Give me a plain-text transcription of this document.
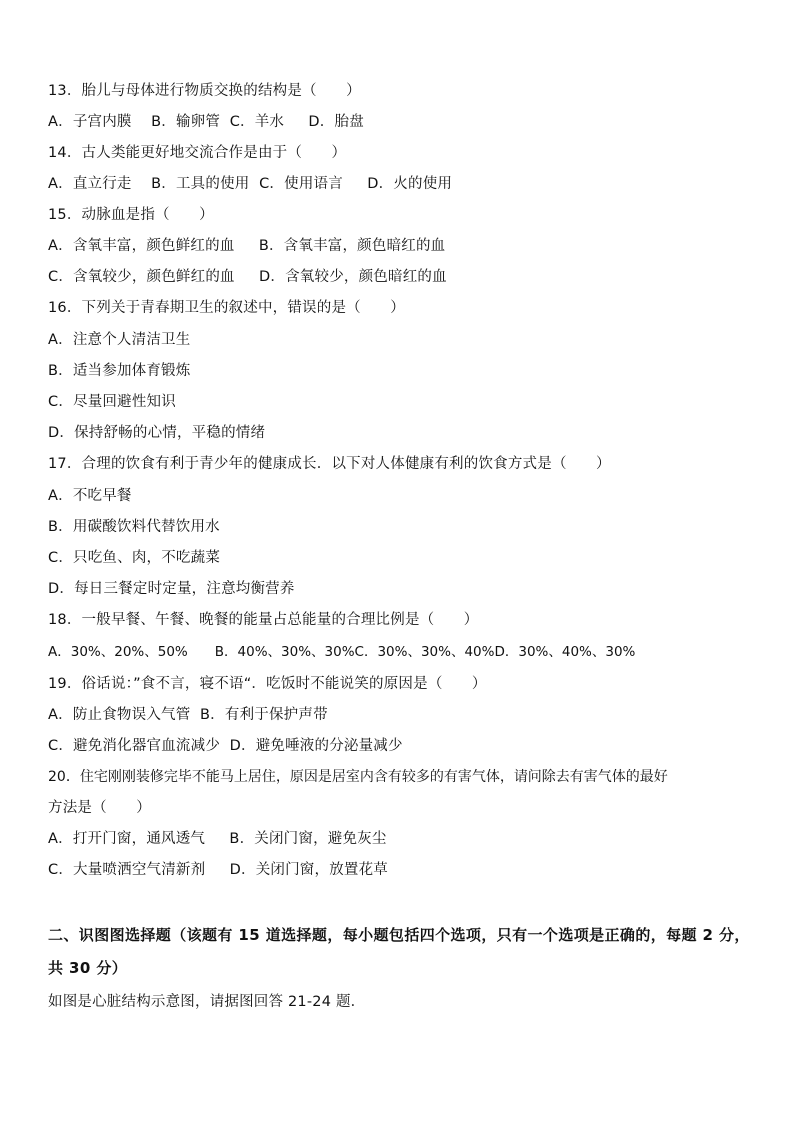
13．胎儿与母体进行物质交换的结构是（　　）
A．子宫内膜　 B．输卵管  C．羊水　  D．胎盘
14．古人类能更好地交流合作是由于（　　）
A．直立行走　 B．工具的使用  C．使用语言　  D．火的使用
15．动脉血是指（　　）
A．含氧丰富，颜色鲜红的血　  B．含氧丰富，颜色暗红的血
C．含氧较少，颜色鲜红的血　  D．含氧较少，颜色暗红的血
16．下列关于青春期卫生的叙述中，错误的是（　　）
A．注意个人清洁卫生
B．适当参加体育锻炼
C．尽量回避性知识
D．保持舒畅的心情，平稳的情绪
17．合理的饮食有利于青少年的健康成长．以下对人体健康有利的饮食方式是（　　）
A．不吃早餐
B．用碳酸饮料代替饮用水
C．只吃鱼、肉，不吃蔬菜
D．每日三餐定时定量，注意均衡营养
18．一般早餐、午餐、晚餐的能量占总能量的合理比例是（　　）
A．30%、20%、50%　　B．40%、30%、30%C．30%、30%、40%D．30%、40%、30%
19．俗话说：”食不言，寝不语“．吃饭时不能说笑的原因是（　　）
A．防止食物误入气管  B．有利于保护声带
C．避免消化器官血流减少  D．避免唾液的分泌量减少
20．住宅刚刚装修完毕不能马上居住，原因是居室内含有较多的有害气体，请问除去有害气体的最好
方法是（　　）
A．打开门窗，通风透气　  B．关闭门窗，避免灰尘
C．大量喷洒空气清新剂　  D．关闭门窗，放置花草
二、识图图选择题（该题有 15 道选择题，每小题包括四个选项，只有一个选项是正确的，每题 2 分，共 30 分）
如图是心脏结构示意图，请据图回答 21-24 题．
